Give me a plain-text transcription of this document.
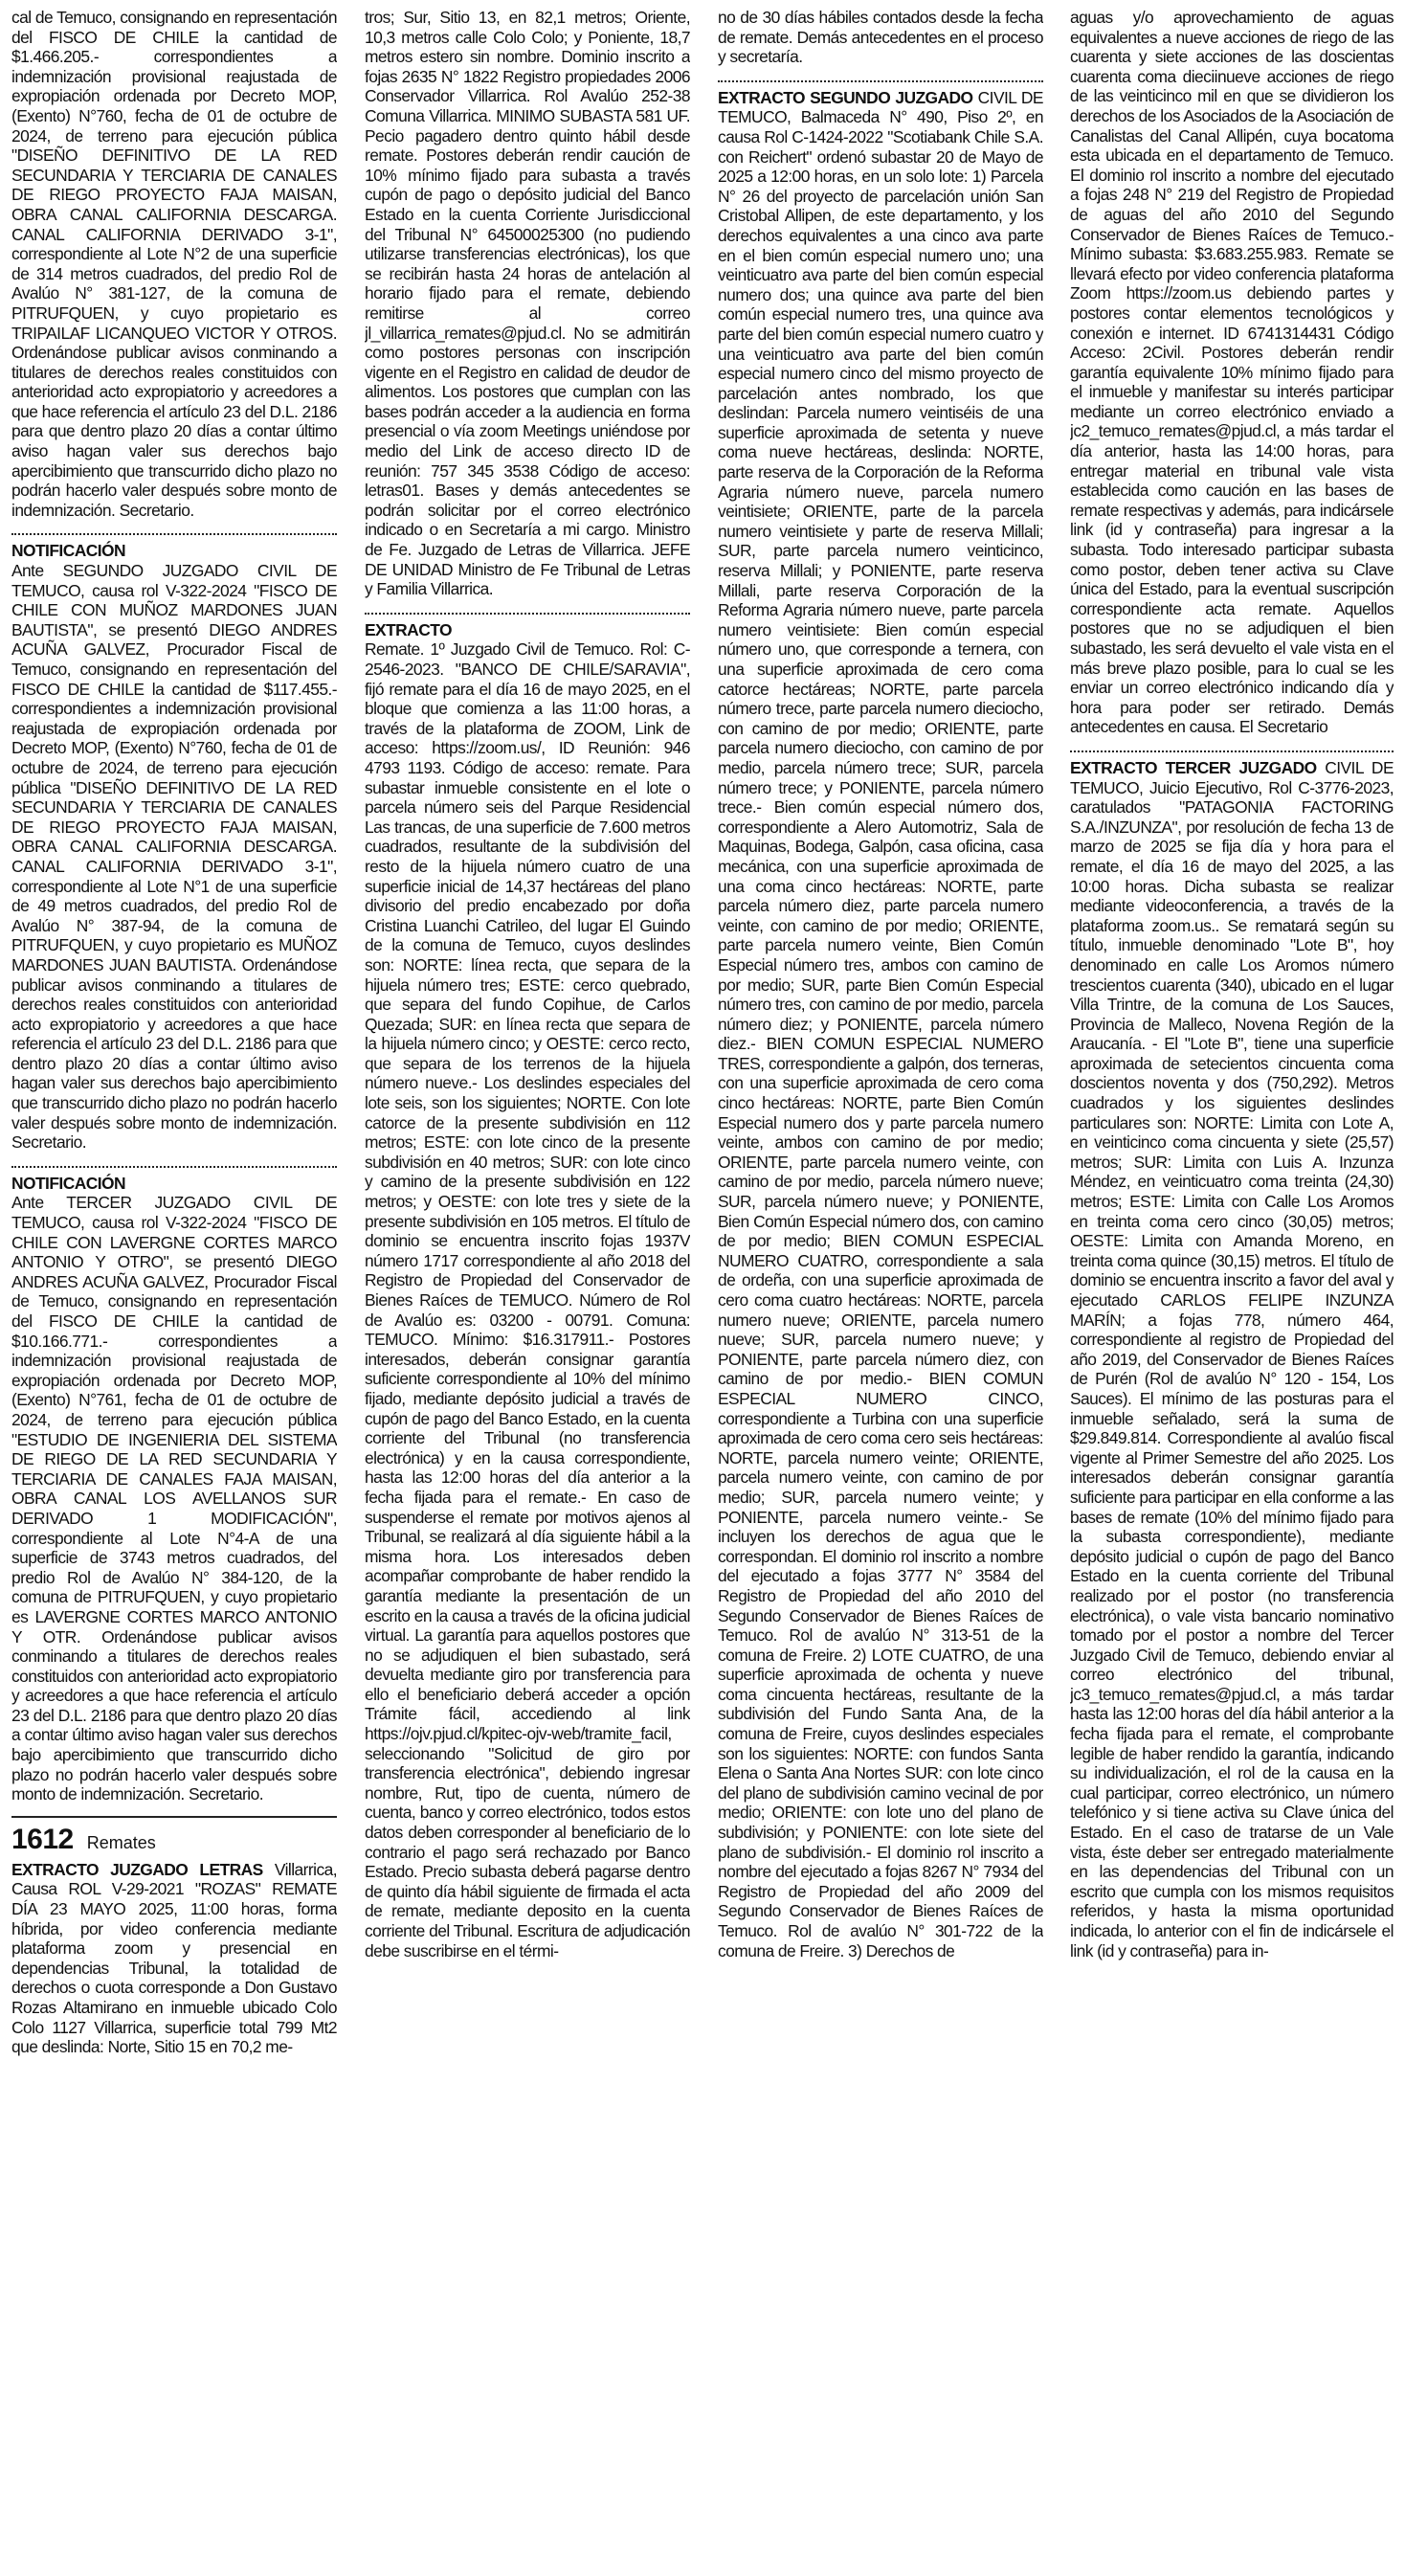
cal de Temuco, consignando en representación del FISCO DE CHILE la cantidad de $1.466.205.- correspondientes a indemnización provisional reajustada de expropiación ordenada por Decreto MOP, (Exento) N°760, fecha de 01 de octubre de 2024, de terreno para ejecución pública "DISEÑO DEFINITIVO DE LA RED SECUNDARIA Y TERCIARIA DE CANALES DE RIEGO PROYECTO FAJA MAISAN, OBRA CANAL CALIFORNIA DESCARGA. CANAL CALIFORNIA DERIVADO 3-1", correspondiente al Lote N°2 de una superficie de 314 metros cuadrados, del predio Rol de Avalúo N° 381-127, de la comuna de PITRUFQUEN, y cuyo propietario es TRIPAILAF LICANQUEO VICTOR Y OTROS. Ordenándose publicar avisos conminando a titulares de derechos reales constituidos con anterioridad acto expropiatorio y acreedores a que hace referencia el artículo 23 del D.L. 2186 para que dentro plazo 20 días a contar último aviso hagan valer sus derechos bajo apercibimiento que transcurrido dicho plazo no podrán hacerlo valer después sobre monto de indemnización. Secretario.

NOTIFICACIÓN

Ante SEGUNDO JUZGADO CIVIL DE TEMUCO, causa rol V-322-2024 "FISCO DE CHILE CON MUÑOZ MARDONES JUAN BAUTISTA", se presentó DIEGO ANDRES ACUÑA GALVEZ, Procurador Fiscal de Temuco, consignando en representación del FISCO DE CHILE la cantidad de $117.455.- correspondientes a indemnización provisional reajustada de expropiación ordenada por Decreto MOP, (Exento) N°760, fecha de 01 de octubre de 2024, de terreno para ejecución pública "DISEÑO DEFINITIVO DE LA RED SECUNDARIA Y TERCIARIA DE CANALES DE RIEGO PROYECTO FAJA MAISAN, OBRA CANAL CALIFORNIA DESCARGA. CANAL CALIFORNIA DERIVADO 3-1", correspondiente al Lote N°1 de una superficie de 49 metros cuadrados, del predio Rol de Avalúo N° 387-94, de la comuna de PITRUFQUEN, y cuyo propietario es MUÑOZ MARDONES JUAN BAUTISTA. Ordenándose publicar avisos conminando a titulares de derechos reales constituidos con anterioridad acto expropiatorio y acreedores a que hace referencia el artículo 23 del D.L. 2186 para que dentro plazo 20 días a contar último aviso hagan valer sus derechos bajo apercibimiento que transcurrido dicho plazo no podrán hacerlo valer después sobre monto de indemnización. Secretario.

NOTIFICACIÓN

Ante TERCER JUZGADO CIVIL DE TEMUCO, causa rol V-322-2024 "FISCO DE CHILE CON LAVERGNE CORTES MARCO ANTONIO Y OTRO", se presentó DIEGO ANDRES ACUÑA GALVEZ, Procurador Fiscal de Temuco, consignando en representación del FISCO DE CHILE la cantidad de $10.166.771.- correspondientes a indemnización provisional reajustada de expropiación ordenada por Decreto MOP, (Exento) N°761, fecha de 01 de octubre de 2024, de terreno para ejecución pública "ESTUDIO DE INGENIERIA DEL SISTEMA DE RIEGO DE LA RED SECUNDARIA Y TERCIARIA DE CANALES FAJA MAISAN, OBRA CANAL LOS AVELLANOS SUR DERIVADO 1 MODIFICACIÓN", correspondiente al Lote N°4-A de una superficie de 3743 metros cuadrados, del predio Rol de Avalúo N° 384-120, de la comuna de PITRUFQUEN, y cuyo propietario es LAVERGNE CORTES MARCO ANTONIO Y OTR. Ordenándose publicar avisos conminando a titulares de derechos reales constituidos con anterioridad acto expropiatorio y acreedores a que hace referencia el artículo 23 del D.L. 2186 para que dentro plazo 20 días a contar último aviso hagan valer sus derechos bajo apercibimiento que transcurrido dicho plazo no podrán hacerlo valer después sobre monto de indemnización. Secretario.

1612 Remates

EXTRACTO JUZGADO LETRAS Villarrica, Causa ROL V-29-2021 "ROZAS" REMATE DÍA 23 MAYO 2025, 11:00 horas, forma híbrida, por video conferencia mediante plataforma zoom y presencial en dependencias Tribunal, la totalidad de derechos o cuota corresponde a Don Gustavo Rozas Altamirano en inmueble ubicado Colo Colo 1127 Villarrica, superficie total 799 Mt2 que deslinda: Norte, Sitio 15 en 70,2 me-

tros; Sur, Sitio 13, en 82,1 metros; Oriente, 10,3 metros calle Colo Colo; y Poniente, 18,7 metros estero sin nombre. Dominio inscrito a fojas 2635 N° 1822 Registro propiedades 2006 Conservador Villarrica. Rol Avalúo 252-38 Comuna Villarrica. MINIMO SUBASTA 581 UF. Pecio pagadero dentro quinto hábil desde remate. Postores deberán rendir caución de 10% mínimo fijado para subasta a través cupón de pago o depósito judicial del Banco Estado en la cuenta Corriente Jurisdiccional del Tribunal N° 64500025300 (no pudiendo utilizarse transferencias electrónicas), los que se recibirán hasta 24 horas de antelación al horario fijado para el remate, debiendo remitirse al correo jl_villarrica_remates@pjud.cl. No se admitirán como postores personas con inscripción vigente en el Registro en calidad de deudor de alimentos. Los postores que cumplan con las bases podrán acceder a la audiencia en forma presencial o vía zoom Meetings uniéndose por medio del Link de acceso directo ID de reunión: 757 345 3538 Código de acceso: letras01. Bases y demás antecedentes se podrán solicitar por el correo electrónico indicado o en Secretaría a mi cargo. Ministro de Fe. Juzgado de Letras de Villarrica. JEFE DE UNIDAD Ministro de Fe Tribunal de Letras y Familia Villarrica.

EXTRACTO

Remate. 1º Juzgado Civil de Temuco. Rol: C-2546-2023. "BANCO DE CHILE/SARAVIA", fijó remate para el día 16 de mayo 2025, en el bloque que comienza a las 11:00 horas, a través de la plataforma de ZOOM, Link de acceso: https://zoom.us/, ID Reunión: 946 4793 1193. Código de acceso: remate. Para subastar inmueble consistente en el lote o parcela número seis del Parque Residencial Las trancas, de una superficie de 7.600 metros cuadrados, resultante de la subdivisión del resto de la hijuela número cuatro de una superficie inicial de 14,37 hectáreas del plano divisorio del predio encabezado por doña Cristina Luanchi Catrileo, del lugar El Guindo de la comuna de Temuco, cuyos deslindes son: NORTE: línea recta, que separa de la hijuela número tres; ESTE: cerco quebrado, que separa del fundo Copihue, de Carlos Quezada; SUR: en línea recta que separa de la hijuela número cinco; y OESTE: cerco recto, que separa de los terrenos de la hijuela número nueve.- Los deslindes especiales del lote seis, son los siguientes; NORTE. Con lote catorce de la presente subdivisión en 112 metros; ESTE: con lote cinco de la presente subdivisión en 40 metros; SUR: con lote cinco y camino de la presente subdivisión en 122 metros; y OESTE: con lote tres y siete de la presente subdivisión en 105 metros. El título de dominio se encuentra inscrito fojas 1937V número 1717 correspondiente al año 2018 del Registro de Propiedad del Conservador de Bienes Raíces de TEMUCO. Número de Rol de Avalúo es: 03200 - 00791. Comuna: TEMUCO. Mínimo: $16.317911.- Postores interesados, deberán consignar garantía suficiente correspondiente al 10% del mínimo fijado, mediante depósito judicial a través de cupón de pago del Banco Estado, en la cuenta corriente del Tribunal (no transferencia electrónica) y en la causa correspondiente, hasta las 12:00 horas del día anterior a la fecha fijada para el remate.- En caso de suspenderse el remate por motivos ajenos al Tribunal, se realizará al día siguiente hábil a la misma hora. Los interesados deben acompañar comprobante de haber rendido la garantía mediante la presentación de un escrito en la causa a través de la oficina judicial virtual. La garantía para aquellos postores que no se adjudiquen el bien subastado, será devuelta mediante giro por transferencia para ello el beneficiario deberá acceder a opción Trámite fácil, accediendo al link https://ojv.pjud.cl/kpitec-ojv-web/tramite_facil, seleccionando "Solicitud de giro por transferencia electrónica", debiendo ingresar nombre, Rut, tipo de cuenta, número de cuenta, banco y correo electrónico, todos estos datos deben corresponder al beneficiario de lo contrario el pago será rechazado por Banco Estado. Precio subasta deberá pagarse dentro de quinto día hábil siguiente de firmada el acta de remate, mediante deposito en la cuenta corriente del Tribunal. Escritura de adjudicación debe suscribirse en el térmi-

no de 30 días hábiles contados desde la fecha de remate. Demás antecedentes en el proceso y secretaría.

EXTRACTO SEGUNDO JUZGADO CIVIL DE TEMUCO, Balmaceda N° 490, Piso 2º, en causa Rol C-1424-2022 "Scotiabank Chile S.A. con Reichert" ordenó subastar 20 de Mayo de 2025 a 12:00 horas, en un solo lote: 1) Parcela N° 26 del proyecto de parcelación unión San Cristobal Allipen, de este departamento, y los derechos equivalentes a una cinco ava parte en el bien común especial numero uno; una veinticuatro ava parte del bien común especial numero dos; una quince ava parte del bien común especial numero tres, una quince ava parte del bien común especial numero cuatro y una veinticuatro ava parte del bien común especial numero cinco del mismo proyecto de parcelación antes nombrado, los que deslindan: Parcela numero veintiséis de una superficie aproximada de setenta y nueve coma nueve hectáreas, deslinda: NORTE, parte reserva de la Corporación de la Reforma Agraria número nueve, parcela numero veintisiete; ORIENTE, parte de la parcela numero veintisiete y parte de reserva Millali; SUR, parte parcela numero veinticinco, reserva Millali; y PONIENTE, parte reserva Millali, parte reserva Corporación de la Reforma Agraria número nueve, parte parcela numero veintisiete: Bien común especial número uno, que corresponde a ternera, con una superficie aproximada de cero coma catorce hectáreas; NORTE, parte parcela número trece, parte parcela numero dieciocho, con camino de por medio; ORIENTE, parte parcela numero dieciocho, con camino de por medio, parcela número trece; SUR, parcela número trece; y PONIENTE, parcela número trece.- Bien común especial número dos, correspondiente a Alero Automotriz, Sala de Maquinas, Bodega, Galpón, casa oficina, casa mecánica, con una superficie aproximada de una coma cinco hectáreas: NORTE, parte parcela número diez, parte parcela numero veinte, con camino de por medio; ORIENTE, parte parcela numero veinte, Bien Común Especial número tres, ambos con camino de por medio; SUR, parte Bien Común Especial número tres, con camino de por medio, parcela número diez; y PONIENTE, parcela número diez.- BIEN COMUN ESPECIAL NUMERO TRES, correspondiente a galpón, dos terneras, con una superficie aproximada de cero coma cinco hectáreas: NORTE, parte Bien Común Especial numero dos y parte parcela numero veinte, ambos con camino de por medio; ORIENTE, parte parcela numero veinte, con camino de por medio, parcela número nueve; SUR, parcela número nueve; y PONIENTE, Bien Común Especial número dos, con camino de por medio; BIEN COMUN ESPECIAL NUMERO CUATRO, correspondiente a sala de ordeña, con una superficie aproximada de cero coma cuatro hectáreas: NORTE, parcela numero nueve; ORIENTE, parcela numero nueve; SUR, parcela numero nueve; y PONIENTE, parte parcela número diez, con camino de por medio.- BIEN COMUN ESPECIAL NUMERO CINCO, correspondiente a Turbina con una superficie aproximada de cero coma cero seis hectáreas: NORTE, parcela numero veinte; ORIENTE, parcela numero veinte, con camino de por medio; SUR, parcela numero veinte; y PONIENTE, parcela numero veinte.- Se incluyen los derechos de agua que le correspondan. El dominio rol inscrito a nombre del ejecutado a fojas 3777 N° 3584 del Registro de Propiedad del año 2010 del Segundo Conservador de Bienes Raíces de Temuco. Rol de avalúo N° 313-51 de la comuna de Freire. 2) LOTE CUATRO, de una superficie aproximada de ochenta y nueve coma cincuenta hectáreas, resultante de la subdivisión del Fundo Santa Ana, de la comuna de Freire, cuyos deslindes especiales son los siguientes: NORTE: con fundos Santa Elena o Santa Ana Nortes SUR: con lote cinco del plano de subdivisión camino vecinal de por medio; ORIENTE: con lote uno del plano de subdivisión; y PONIENTE: con lote siete del plano de subdivisión.- El dominio rol inscrito a nombre del ejecutado a fojas 8267 N° 7934 del Registro de Propiedad del año 2009 del Segundo Conservador de Bienes Raíces de Temuco. Rol de avalúo N° 301-722 de la comuna de Freire. 3) Derechos de

aguas y/o aprovechamiento de aguas equivalentes a nueve acciones de riego de las cuarenta y siete acciones de las doscientas cuarenta coma dieciinueve acciones de riego de las veinticinco mil en que se dividieron los derechos de los Asociados de la Asociación de Canalistas del Canal Allipén, cuya bocatoma esta ubicada en el departamento de Temuco. El dominio rol inscrito a nombre del ejecutado a fojas 248 N° 219 del Registro de Propiedad de aguas del año 2010 del Segundo Conservador de Bienes Raíces de Temuco.- Mínimo subasta: $3.683.255.983. Remate se llevará efecto por video conferencia plataforma Zoom https://zoom.us debiendo partes y postores contar elementos tecnológicos y conexión e internet. ID 6741314431 Código Acceso: 2Civil. Postores deberán rendir garantía equivalente 10% mínimo fijado para el inmueble y manifestar su interés participar mediante un correo electrónico enviado a jc2_temuco_remates@pjud.cl, a más tardar el día anterior, hasta las 14:00 horas, para entregar material en tribunal vale vista establecida como caución en las bases de remate respectivas y además, para indicársele link (id y contraseña) para ingresar a la subasta. Todo interesado participar subasta como postor, deben tener activa su Clave única del Estado, para la eventual suscripción correspondiente acta remate. Aquellos postores que no se adjudiquen el bien subastado, les será devuelto el vale vista en el más breve plazo posible, para lo cual se les enviar un correo electrónico indicando día y hora para poder ser retirado. Demás antecedentes en causa. El Secretario

EXTRACTO TERCER JUZGADO CIVIL DE TEMUCO, Juicio Ejecutivo, Rol C-3776-2023, caratulados "PATAGONIA FACTORING S.A./INZUNZA", por resolución de fecha 13 de marzo de 2025 se fija día y hora para el remate, el día 16 de mayo del 2025, a las 10:00 horas. Dicha subasta se realizar mediante videoconferencia, a través de la plataforma zoom.us.. Se rematará según su título, inmueble denominado "Lote B", hoy denominado en calle Los Aromos número trescientos cuarenta (340), ubicado en el lugar Villa Trintre, de la comuna de Los Sauces, Provincia de Malleco, Novena Región de la Araucanía. - El "Lote B", tiene una superficie aproximada de setecientos cincuenta coma doscientos noventa y dos (750,292). Metros cuadrados y los siguientes deslindes particulares son: NORTE: Limita con Lote A, en veinticinco coma cincuenta y siete (25,57) metros; SUR: Limita con Luis A. Inzunza Méndez, en veinticuatro coma treinta (24,30) metros; ESTE: Limita con Calle Los Aromos en treinta coma cero cinco (30,05) metros; OESTE: Limita con Amanda Moreno, en treinta coma quince (30,15) metros. El título de dominio se encuentra inscrito a favor del aval y ejecutado CARLOS FELIPE INZUNZA MARÍN; a fojas 778, número 464, correspondiente al registro de Propiedad del año 2019, del Conservador de Bienes Raíces de Purén (Rol de avalúo N° 120 - 154, Los Sauces). El mínimo de las posturas para el inmueble señalado, será la suma de $29.849.814. Correspondiente al avalúo fiscal vigente al Primer Semestre del año 2025. Los interesados deberán consignar garantía suficiente para participar en ella conforme a las bases de remate (10% del mínimo fijado para la subasta correspondiente), mediante depósito judicial o cupón de pago del Banco Estado en la cuenta corriente del Tribunal realizado por el postor (no transferencia electrónica), o vale vista bancario nominativo tomado por el postor a nombre del Tercer Juzgado Civil de Temuco, debiendo enviar al correo electrónico del tribunal, jc3_temuco_remates@pjud.cl, a más tardar hasta las 12:00 horas del día hábil anterior a la fecha fijada para el remate, el comprobante legible de haber rendido la garantía, indicando su individualización, el rol de la causa en la cual participar, correo electrónico, un número telefónico y si tiene activa su Clave única del Estado. En el caso de tratarse de un Vale vista, éste deber ser entregado materialmente en las dependencias del Tribunal con un escrito que cumpla con los mismos requisitos referidos, y hasta la misma oportunidad indicada, lo anterior con el fin de indicársele el link (id y contraseña) para in-
